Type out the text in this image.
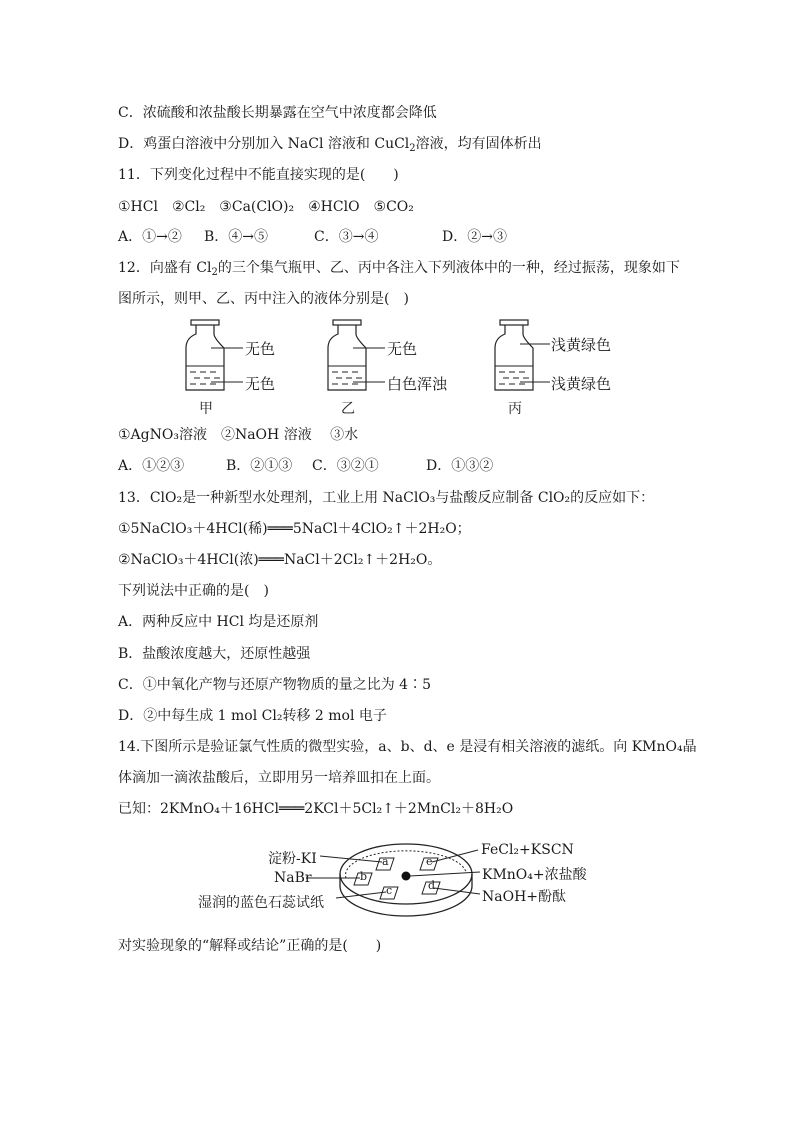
C．浓硫酸和浓盐酸长期暴露在空气中浓度都会降低
D．鸡蛋白溶液中分别加入 NaCl 溶液和 CuCl$_2$溶液，均有固体析出
11．下列变化过程中不能直接实现的是(　　)
①HCl　②Cl₂　③Ca(ClO)₂　④HClO　⑤CO₂
A．①→② B．④→⑤	C．③→④	D．②→③
12．向盛有 $Cl_2$的三个集气瓶甲、乙、丙中各注入下列液体中的一种，经过振荡，现象如下
图所示，则甲、乙、丙中注入的液体分别是(　)
无色
无色
甲
无色
白色浑浊
乙
浅黄绿色
浅黄绿色
丙
①AgNO₃溶液　②NaOH 溶液　 ③水
A．①②③	B．②①③ C．③②①	D．①③②
13．ClO₂是一种新型水处理剂，工业上用 NaClO₃与盐酸反应制备 ClO₂的反应如下：
①5NaClO₃＋4HCl(稀)═══5NaCl＋4ClO₂↑＋2H₂O；
②NaClO₃＋4HCl(浓)═══NaCl＋2Cl₂↑＋2H₂O。
下列说法中正确的是(　)
A．两种反应中 HCl 均是还原剂
B．盐酸浓度越大，还原性越强
C．①中氧化产物与还原产物物质的量之比为 4∶5
D．②中每生成 1 mol Cl₂转移 2 mol 电子
14.下图所示是验证氯气性质的微型实验，a、b、d、e 是浸有相关溶液的滤纸。向 KMnO₄晶
体滴加一滴浓盐酸后，立即用另一培养皿扣在上面。
已知：2KMnO₄＋16HCl═══2KCl＋5Cl₂↑＋2MnCl₂＋8H₂O
a
b
c	d
e
淀粉-KI
NaBr
湿润的蓝色石蕊试纸
FeCl₂+KSCN
KMnO₄+浓盐酸
NaOH+酚酞
对实验现象的“解释或结论”正确的是(　　)
